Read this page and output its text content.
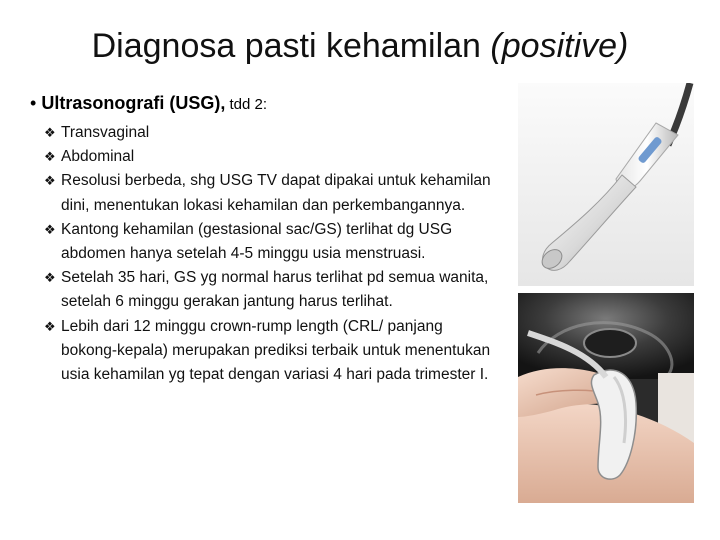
Diagnosa pasti kehamilan (positive)
• Ultrasonografi (USG), tdd 2:
❖ Transvaginal
❖ Abdominal
❖ Resolusi berbeda, shg USG TV dapat dipakai untuk kehamilan dini, menentukan lokasi kehamilan dan perkembangannya.
❖ Kantong kehamilan (gestasional sac/GS) terlihat dg USG abdomen hanya setelah 4-5 minggu usia menstruasi.
❖ Setelah 35 hari, GS yg normal harus terlihat pd semua wanita, setelah 6 minggu gerakan jantung harus terlihat.
❖ Lebih dari 12 minggu crown-rump length (CRL/ panjang bokong-kepala) merupakan prediksi terbaik untuk menentukan usia kehamilan yg tepat dengan variasi 4 hari pada trimester I.
